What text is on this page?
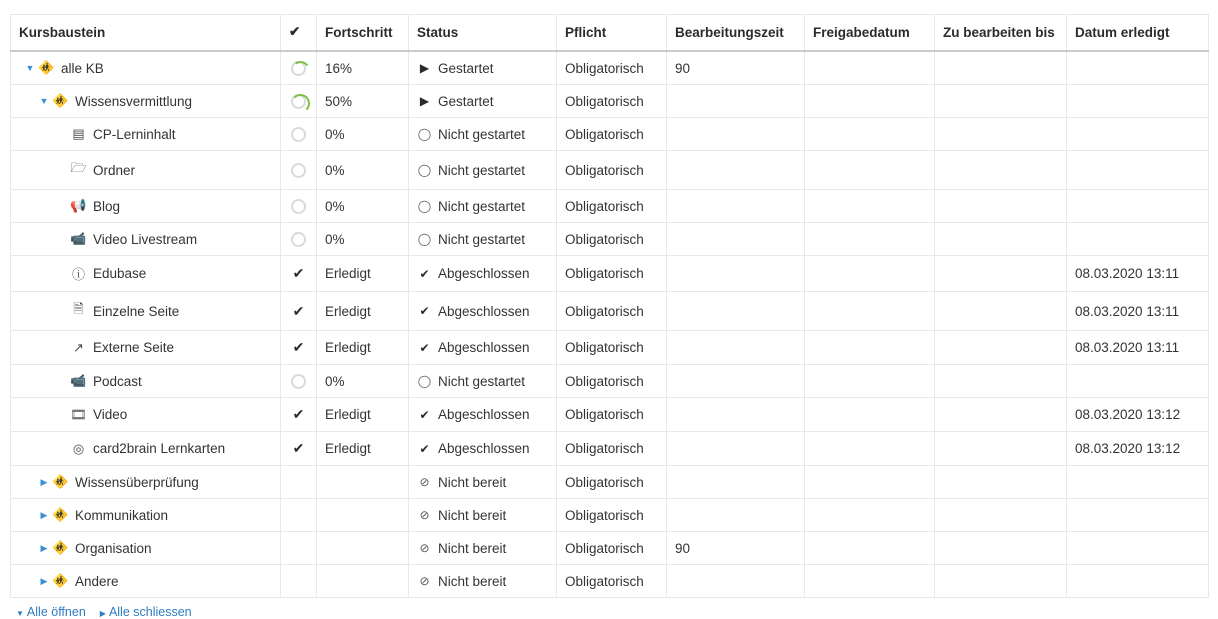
Kursbaustein	✔	Fortschritt	Status	Pflicht	Bearbeitungszeit	Freigabedatum	Zu bearbeiten bis	Datum erledigt

▼
🚸 alle KB		16%	▶ Gestartet	Obligatorisch	90			

▼
🚸 Wissensvermittlung		50%	▶ Gestartet	Obligatorisch				

▤ CP-Lerninhalt		0%	◯ Nicht gestartet	Obligatorisch				

🗁 Ordner		0%	◯ Nicht gestartet	Obligatorisch				

📢 Blog		0%	◯ Nicht gestartet	Obligatorisch				

📹 Video Livestream		0%	◯ Nicht gestartet	Obligatorisch				

ⓘ Edubase	✔	Erledigt	✔ Abgeschlossen	Obligatorisch				08.03.2020 13:11

🗎 Einzelne Seite	✔	Erledigt	✔ Abgeschlossen	Obligatorisch				08.03.2020 13:11

↗ Externe Seite	✔	Erledigt	✔ Abgeschlossen	Obligatorisch				08.03.2020 13:11

📹 Podcast		0%	◯ Nicht gestartet	Obligatorisch				

🎞 Video	✔	Erledigt	✔ Abgeschlossen	Obligatorisch				08.03.2020 13:12

◎ card2brain Lernkarten	✔	Erledigt	✔ Abgeschlossen	Obligatorisch				08.03.2020 13:12

▶
🚸 Wissensüberprüfung			⊘ Nicht bereit	Obligatorisch				

▶
🚸 Kommunikation			⊘ Nicht bereit	Obligatorisch				

▶
🚸 Organisation			⊘ Nicht bereit	Obligatorisch	90			

▶
🚸 Andere			⊘ Nicht bereit	Obligatorisch				
▼Alle öffnen ▶	Alle schliessen
